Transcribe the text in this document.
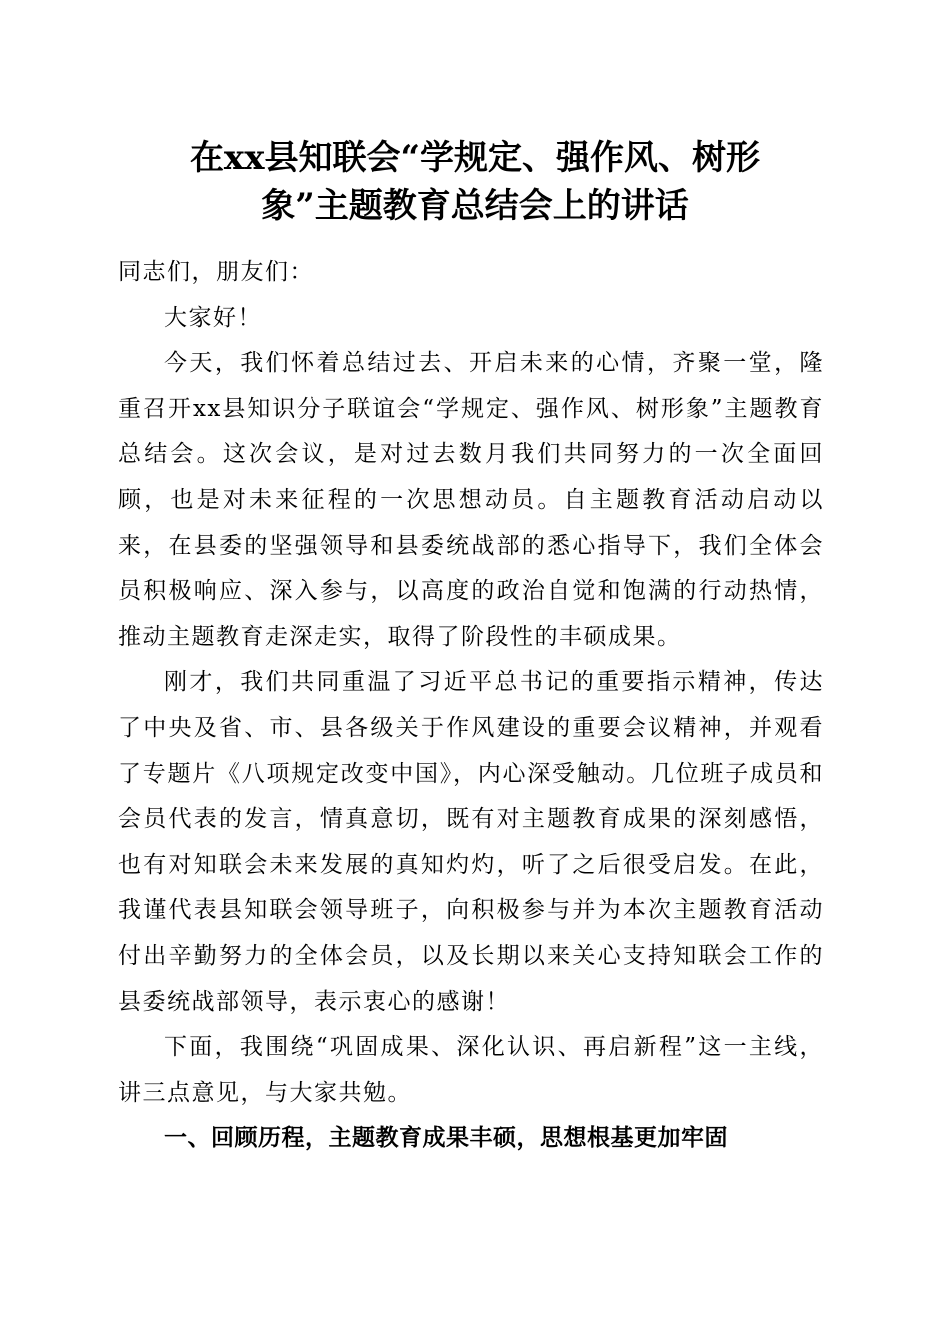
在xx县知联会“学规定、强作风、树形
象”主题教育总结会上的讲话

同志们，朋友们：

大家好！

今天，我们怀着总结过去、开启未来的心情，齐聚一堂，隆重召开xx县知识分子联谊会“学规定、强作风、树形象”主题教育总结会。这次会议，是对过去数月我们共同努力的一次全面回顾，也是对未来征程的一次思想动员。自主题教育活动启动以来，在县委的坚强领导和县委统战部的悉心指导下，我们全体会员积极响应、深入参与，以高度的政治自觉和饱满的行动热情，推动主题教育走深走实，取得了阶段性的丰硕成果。

刚才，我们共同重温了习近平总书记的重要指示精神，传达了中央及省、市、县各级关于作风建设的重要会议精神，并观看了专题片《八项规定改变中国》，内心深受触动。几位班子成员和会员代表的发言，情真意切，既有对主题教育成果的深刻感悟，也有对知联会未来发展的真知灼灼，听了之后很受启发。在此，我谨代表县知联会领导班子，向积极参与并为本次主题教育活动付出辛勤努力的全体会员，以及长期以来关心支持知联会工作的县委统战部领导，表示衷心的感谢！

下面，我围绕“巩固成果、深化认识、再启新程”这一主线，讲三点意见，与大家共勉。

一、回顾历程，主题教育成果丰硕，思想根基更加牢固
